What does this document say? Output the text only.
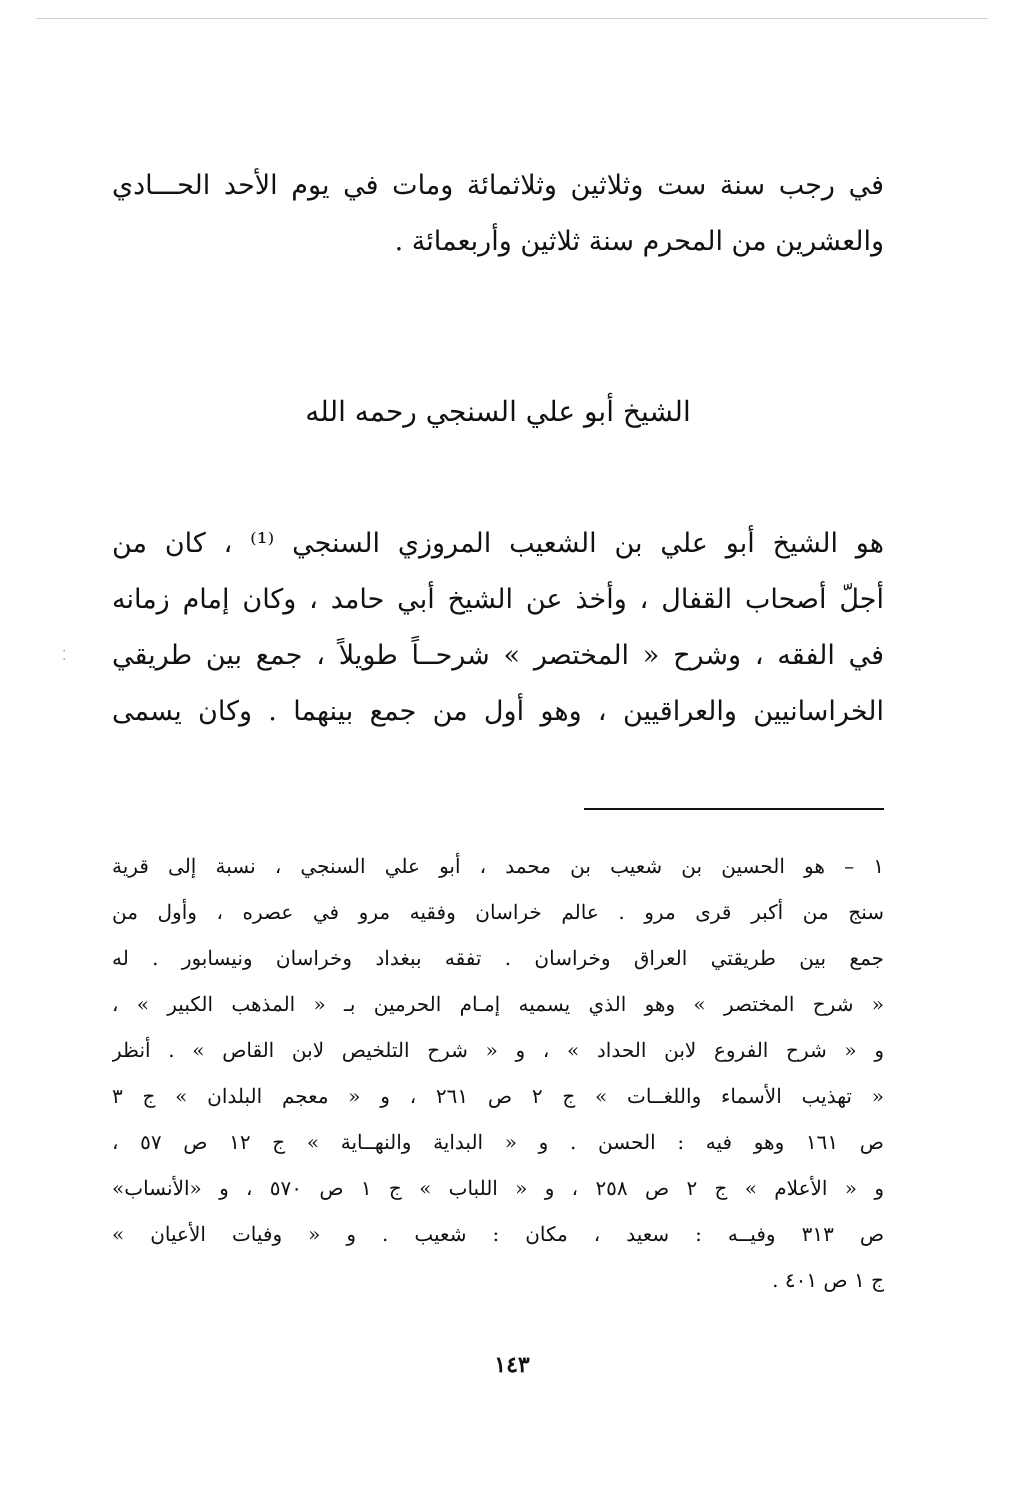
في رجب سنة ست وثلاثين وثلاثمائة ومات في يوم الأحد الحـــادي
والعشرين من المحرم سنة ثلاثين وأربعمائة .
الشيخ أبو علي السنجي رحمه الله
هو الشيخ أبو علي بن الشعيب المروزي السنجي ⁽¹⁾ ، كان من
أجلّ أصحاب القفال ، وأخذ عن الشيخ أبي حامد ، وكان إمام زمانه
في الفقه ، وشرح « المختصر » شرحــاً طويلاً ، جمع بين طريقي
الخراسانيين والعراقيين ، وهو أول من جمع بينهما . وكان يسمى
١ – هو الحسين بن شعيب بن محمد ، أبو علي السنجي ، نسبة إلى قرية
سنج من أكبر قرى مرو . عالم خراسان وفقيه مرو في عصره ، وأول من
جمع بين طريقتي العراق وخراسان . تفقه ببغداد وخراسان ونيسابور . له
« شرح المختصر » وهو الذي يسميه إمـام الحرمين بـ « المذهب الكبير » ،
و « شرح الفروع لابن الحداد » ، و « شرح التلخيص لابن القاص » . أنظر
« تهذيب الأسماء واللغــات » ج ٢ ص ٢٦١ ، و « معجم البلدان » ج ٣
ص ١٦١ وهو فيه : الحسن . و « البداية والنهــاية » ج ١٢ ص ٥٧ ،
و « الأعلام » ج ٢ ص ٢٥٨ ، و « اللباب » ج ١ ص ٥٧٠ ، و «الأنساب»
ص ٣١٣ وفيــه : سعيد ، مكان : شعيب . و « وفيات الأعيان »
ج ١ ص ٤٠١ .
١٤٣
⁚
